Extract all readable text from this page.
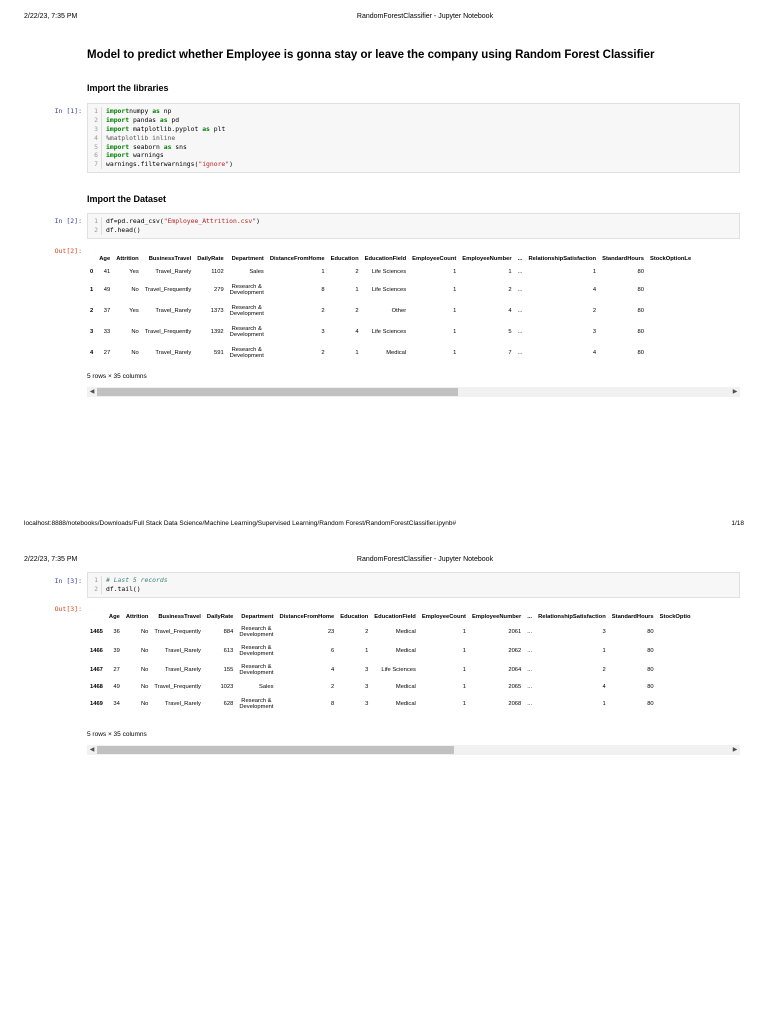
2/22/23, 7:35 PM	RandomForestClassifier - Jupyter Notebook
Model to predict whether Employee is gonna stay or leave the company using Random Forest Classifier
Import the libraries
In [1]:	1	importnumpy as np
2	import pandas as pd
3	import matplotlib.pyplot as plt
4	%matplotlib inline
5	import seaborn as sns
6	import warnings
7	warnings.filterwarnings("ignore")
Import the Dataset
In [2]:	1	df=pd.read_csv("Employee_Attrition.csv")
2	df.head()
Out[2]:
	Age	Attrition	BusinessTravel	DailyRate	Department	DistanceFromHome	Education	EducationField	EmployeeCount	EmployeeNumber	...	RelationshipSatisfaction	StandardHours	StockOptionLe
0	41	Yes	Travel_Rarely	1102	Sales	1	2	Life Sciences	1	1	...	1	80	
1	49	No	Travel_Frequently	279	Research &
Development	8	1	Life Sciences	1	2	...	4	80	
2	37	Yes	Travel_Rarely	1373	Research &
Development	2	2	Other	1	4	...	2	80	
3	33	No	Travel_Frequently	1392	Research &
Development	3	4	Life Sciences	1	5	...	3	80	
4	27	No	Travel_Rarely	591	Research &
Development	2	1	Medical	1	7	...	4	80	
5 rows × 35 columns
◀	▶
localhost:8888/notebooks/Downloads/Full Stack Data Science/Machine Learning/Supervised Learning/Random Forest/RandomForestClassifier.ipynb#	1/18
2/22/23, 7:35 PM	RandomForestClassifier - Jupyter Notebook
In [3]:	1	# Last 5 records
2	df.tail()
Out[3]:
	Age	Attrition	BusinessTravel	DailyRate	Department	DistanceFromHome	Education	EducationField	EmployeeCount	EmployeeNumber	...	RelationshipSatisfaction	StandardHours	StockOptio
1465	36	No	Travel_Frequently	884	Research &
Development	23	2	Medical	1	2061	...	3	80	
1466	39	No	Travel_Rarely	613	Research &
Development	6	1	Medical	1	2062	...	1	80	
1467	27	No	Travel_Rarely	155	Research &
Development	4	3	Life Sciences	1	2064	...	2	80	
1468	49	No	Travel_Frequently	1023	Sales	2	3	Medical	1	2065	...	4	80	
1469	34	No	Travel_Rarely	628	Research &
Development	8	3	Medical	1	2068	...	1	80	
5 rows × 35 columns
◀	▶
